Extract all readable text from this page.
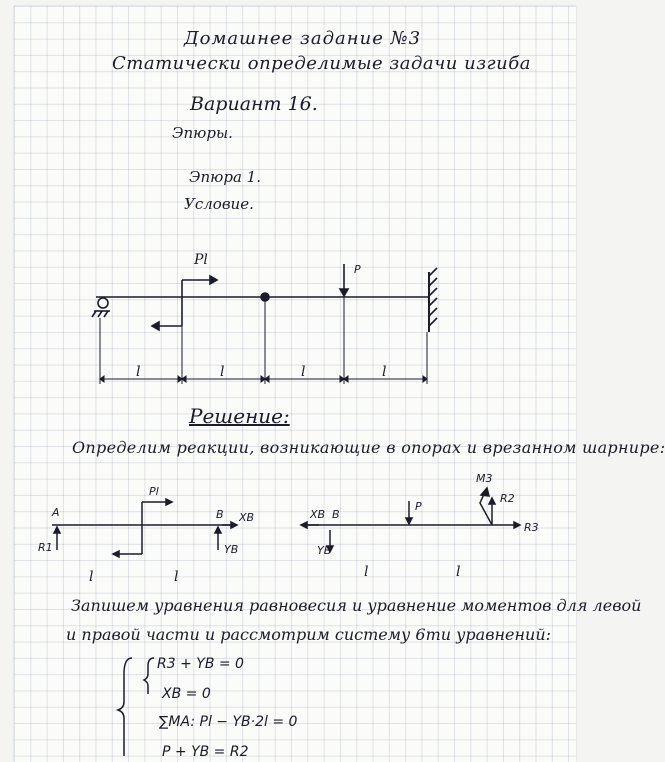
Домашнее задание №3
Статически определимые задачи изгиба
Вариант 16.
Эпюры.
Эпюра 1.
Условие.
Pl
P
l	l	l	l
A
R1
Pl
B XB
YB
l	l
XB B
YB
P
M3
R2
R3
l	l
Решение:
Определим реакции, возникающие в опорах и врезанном шарнире:
Запишем уравнения равновесия и уравнение моментов для левой
и правой части и рассмотрим систему 6ти уравнений:
R3 + YB = 0
XB = 0
∑MA: Pl − YB·2l = 0
P + YB = R2
